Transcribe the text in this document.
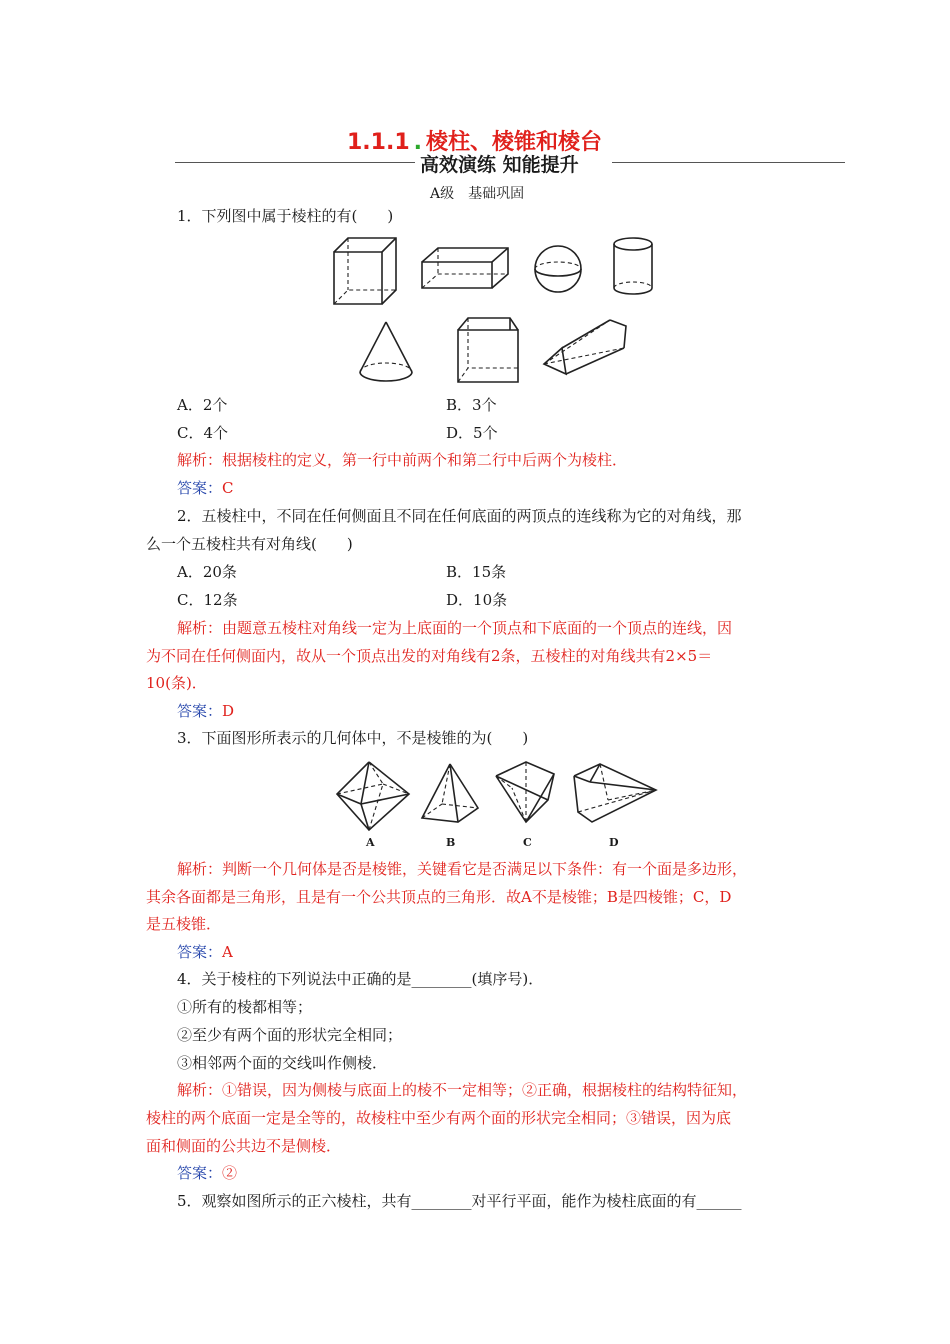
1.1.1 . 棱柱、棱锥和棱台
高效演练 知能提升
A级　基础巩固
1．下列图中属于棱柱的有(　　)
A．2个	B．3个
C．4个	D．5个
解析：根据棱柱的定义，第一行中前两个和第二行中后两个为棱柱．
答案：C
2．五棱柱中，不同在任何侧面且不同在任何底面的两顶点的连线称为它的对角线，那
么一个五棱柱共有对角线(　　)
A．20条	B．15条
C．12条	D．10条
解析：由题意五棱柱对角线一定为上底面的一个顶点和下底面的一个顶点的连线，因
为不同在任何侧面内，故从一个顶点出发的对角线有2条，五棱柱的对角线共有2×5＝
10(条)．
答案：D
3．下面图形所表示的几何体中，不是棱锥的为(　　)
A	B	C	D
解析：判断一个几何体是否是棱锥，关键看它是否满足以下条件：有一个面是多边形，
其余各面都是三角形，且是有一个公共顶点的三角形．故A不是棱锥；B是四棱锥；C，D
是五棱锥．
答案：A
4．关于棱柱的下列说法中正确的是________(填序号)．
①所有的棱都相等；
②至少有两个面的形状完全相同；
③相邻两个面的交线叫作侧棱．
解析：①错误，因为侧棱与底面上的棱不一定相等；②正确，根据棱柱的结构特征知，
棱柱的两个底面一定是全等的，故棱柱中至少有两个面的形状完全相同；③错误，因为底
面和侧面的公共边不是侧棱．
答案：②
5．观察如图所示的正六棱柱，共有________对平行平面，能作为棱柱底面的有______
